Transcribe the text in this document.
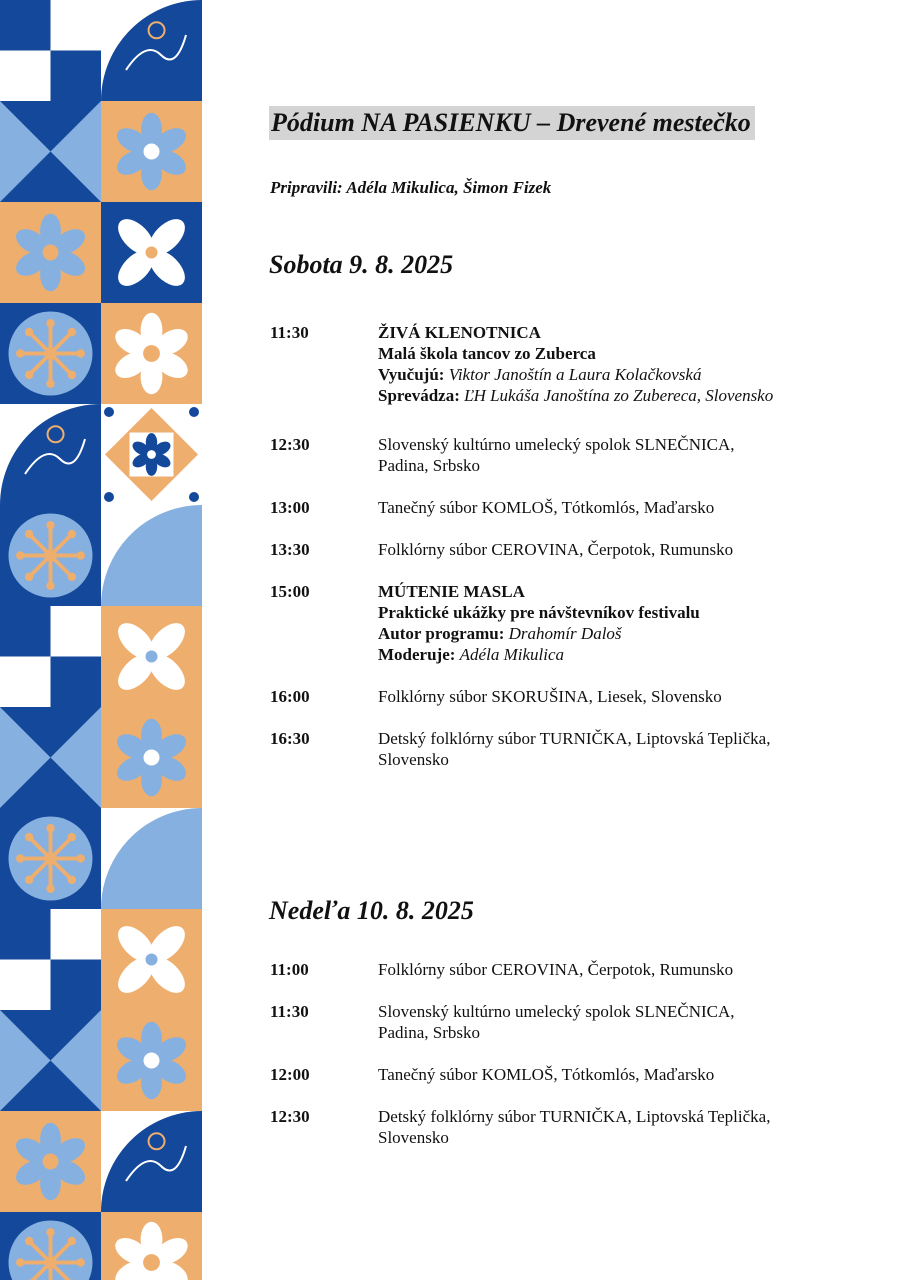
Pódium NA PASIENKU – Drevené mestečko
Pripravili: Adéla Mikulica, Šimon Fizek
Sobota 9. 8. 2025
11:30	ŽIVÁ KLENOTNICA
Malá škola tancov zo Zuberca
Vyučujú: Viktor Janoštín a Laura Kolačkovská
Sprevádza: ĽH Lukáša Janoštína zo Zubereca, Slovensko
12:30	Slovenský kultúrno umelecký spolok SLNEČNICA,
Padina, Srbsko
13:00	Tanečný súbor KOMLOŠ, Tótkomlós, Maďarsko
13:30	Folklórny súbor CEROVINA, Čerpotok, Rumunsko
15:00	MÚTENIE MASLA
Praktické ukážky pre návštevníkov festivalu
Autor programu: Drahomír Daloš
Moderuje: Adéla Mikulica
16:00	Folklórny súbor SKORUŠINA, Liesek, Slovensko
16:30	Detský folklórny súbor TURNIČKA, Liptovská Teplička,
Slovensko
Nedeľa 10. 8. 2025
11:00	Folklórny súbor CEROVINA, Čerpotok, Rumunsko
11:30	Slovenský kultúrno umelecký spolok SLNEČNICA,
Padina, Srbsko
12:00	Tanečný súbor KOMLOŠ, Tótkomlós, Maďarsko
12:30	Detský folklórny súbor TURNIČKA, Liptovská Teplička,
Slovensko
